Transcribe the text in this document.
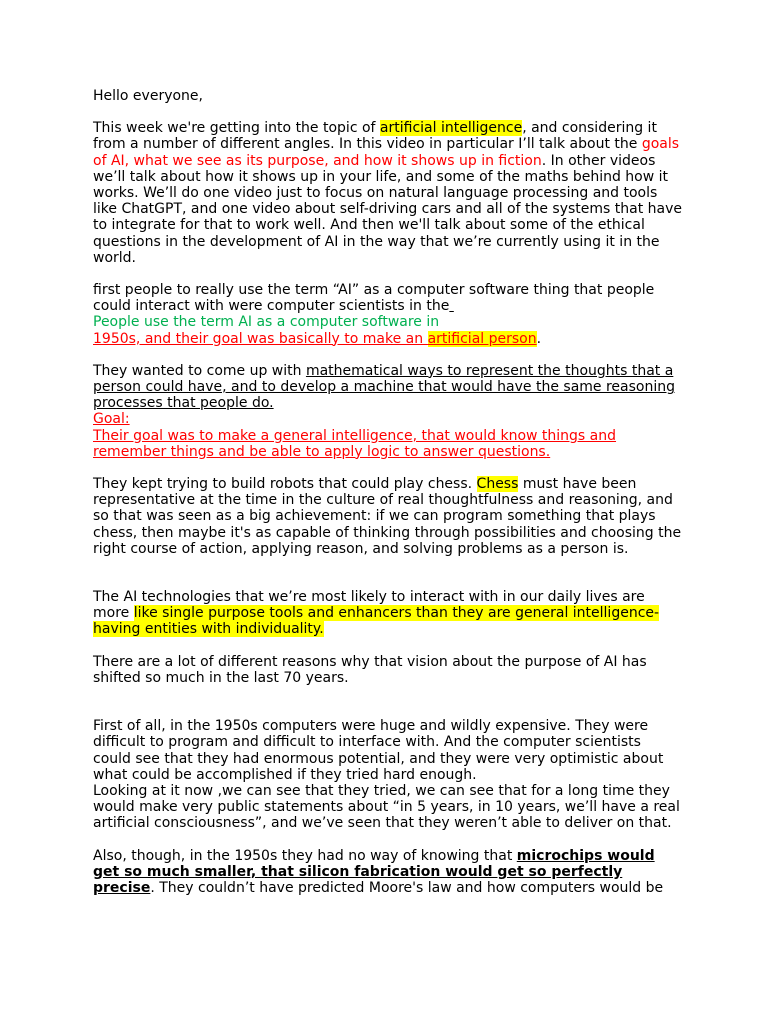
Hello everyone,

This week we're getting into the topic of artificial intelligence, and considering it from a number of different angles. In this video in particular I’ll talk about the goals of AI, what we see as its purpose, and how it shows up in fiction. In other videos we’ll talk about how it shows up in your life, and some of the maths behind how it works. We’ll do one video just to focus on natural language processing and tools like ChatGPT, and one video about self-driving cars and all of the systems that have to integrate for that to work well. And then we'll talk about some of the ethical questions in the development of AI in the way that we’re currently using it in the world.

first people to really use the term “AI” as a computer software thing that people could interact with were computer scientists in the
People use the term AI as a computer software in
1950s, and their goal was basically to make an artificial person.

They wanted to come up with mathematical ways to represent the thoughts that a person could have, and to develop a machine that would have the same reasoning processes that people do.
Goal:
Their goal was to make a general intelligence, that would know things and remember things and be able to apply logic to answer questions.

They kept trying to build robots that could play chess. Chess must have been representative at the time in the culture of real thoughtfulness and reasoning, and so that was seen as a big achievement: if we can program something that plays chess, then maybe it's as capable of thinking through possibilities and choosing the right course of action, applying reason, and solving problems as a person is.

The AI technologies that we’re most likely to interact with in our daily lives are more like single purpose tools and enhancers than they are general intelligence-having entities with individuality.

There are a lot of different reasons why that vision about the purpose of AI has shifted so much in the last 70 years.

First of all, in the 1950s computers were huge and wildly expensive. They were difficult to program and difficult to interface with. And the computer scientists could see that they had enormous potential, and they were very optimistic about what could be accomplished if they tried hard enough.
Looking at it now ,we can see that they tried, we can see that for a long time they would make very public statements about “in 5 years, in 10 years, we’ll have a real artificial consciousness”, and we’ve seen that they weren’t able to deliver on that.

Also, though, in the 1950s they had no way of knowing that microchips would get so much smaller, that silicon fabrication would get so perfectly precise. They couldn’t have predicted Moore's law and how computers would be
